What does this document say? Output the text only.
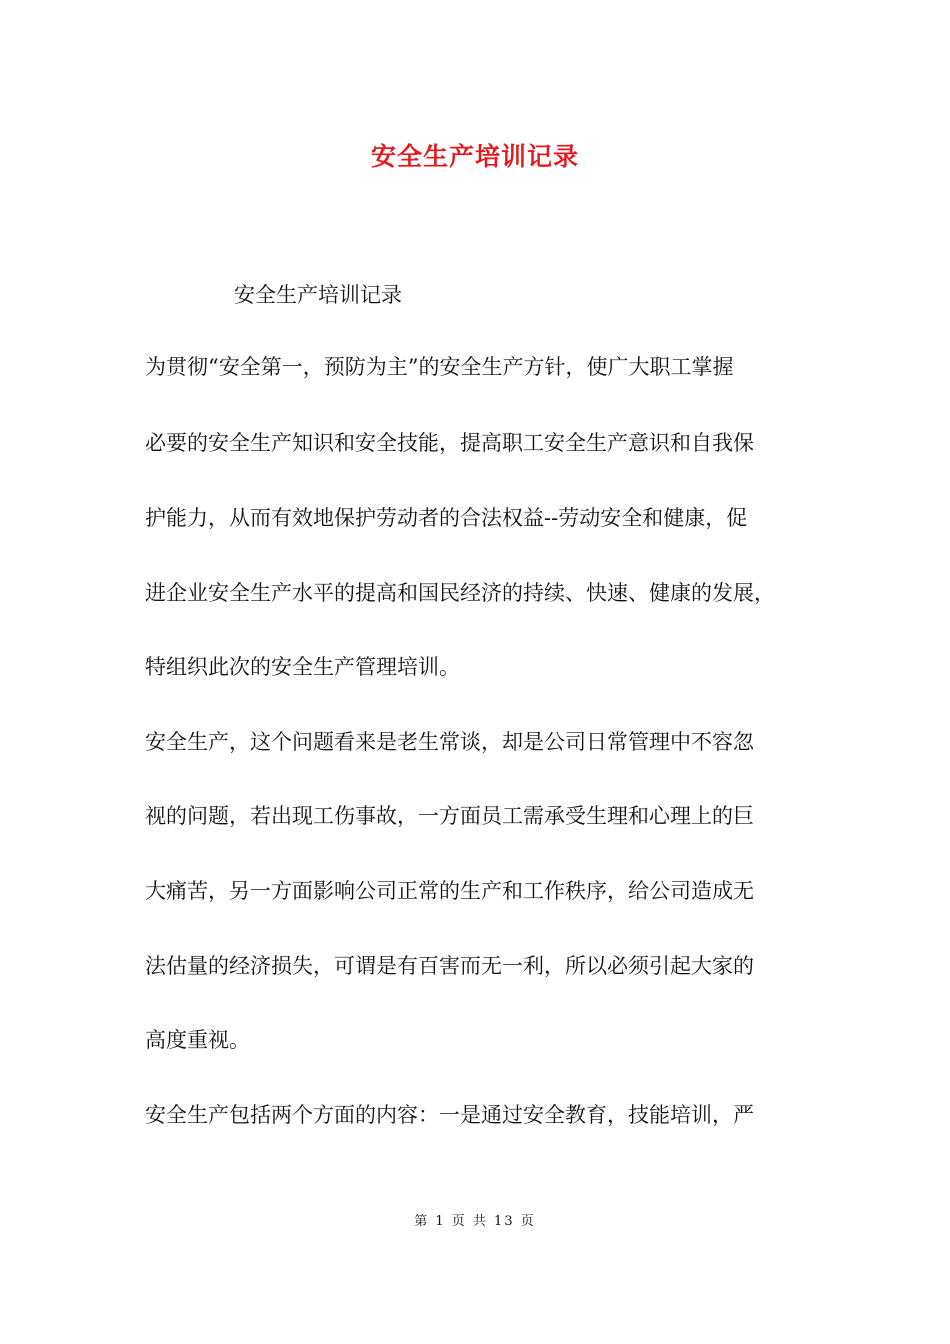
安全生产培训记录
安全生产培训记录
为贯彻“安全第一，预防为主”的安全生产方针，使广大职工掌握
必要的安全生产知识和安全技能，提高职工安全生产意识和自我保
护能力，从而有效地保护劳动者的合法权益--劳动安全和健康，促
进企业安全生产水平的提高和国民经济的持续、快速、健康的发展，
特组织此次的安全生产管理培训。
安全生产，这个问题看来是老生常谈，却是公司日常管理中不容忽
视的问题，若出现工伤事故，一方面员工需承受生理和心理上的巨
大痛苦，另一方面影响公司正常的生产和工作秩序，给公司造成无
法估量的经济损失，可谓是有百害而无一利，所以必须引起大家的
高度重视。
安全生产包括两个方面的内容：一是通过安全教育，技能培训，严
第 1 页 共 13 页
